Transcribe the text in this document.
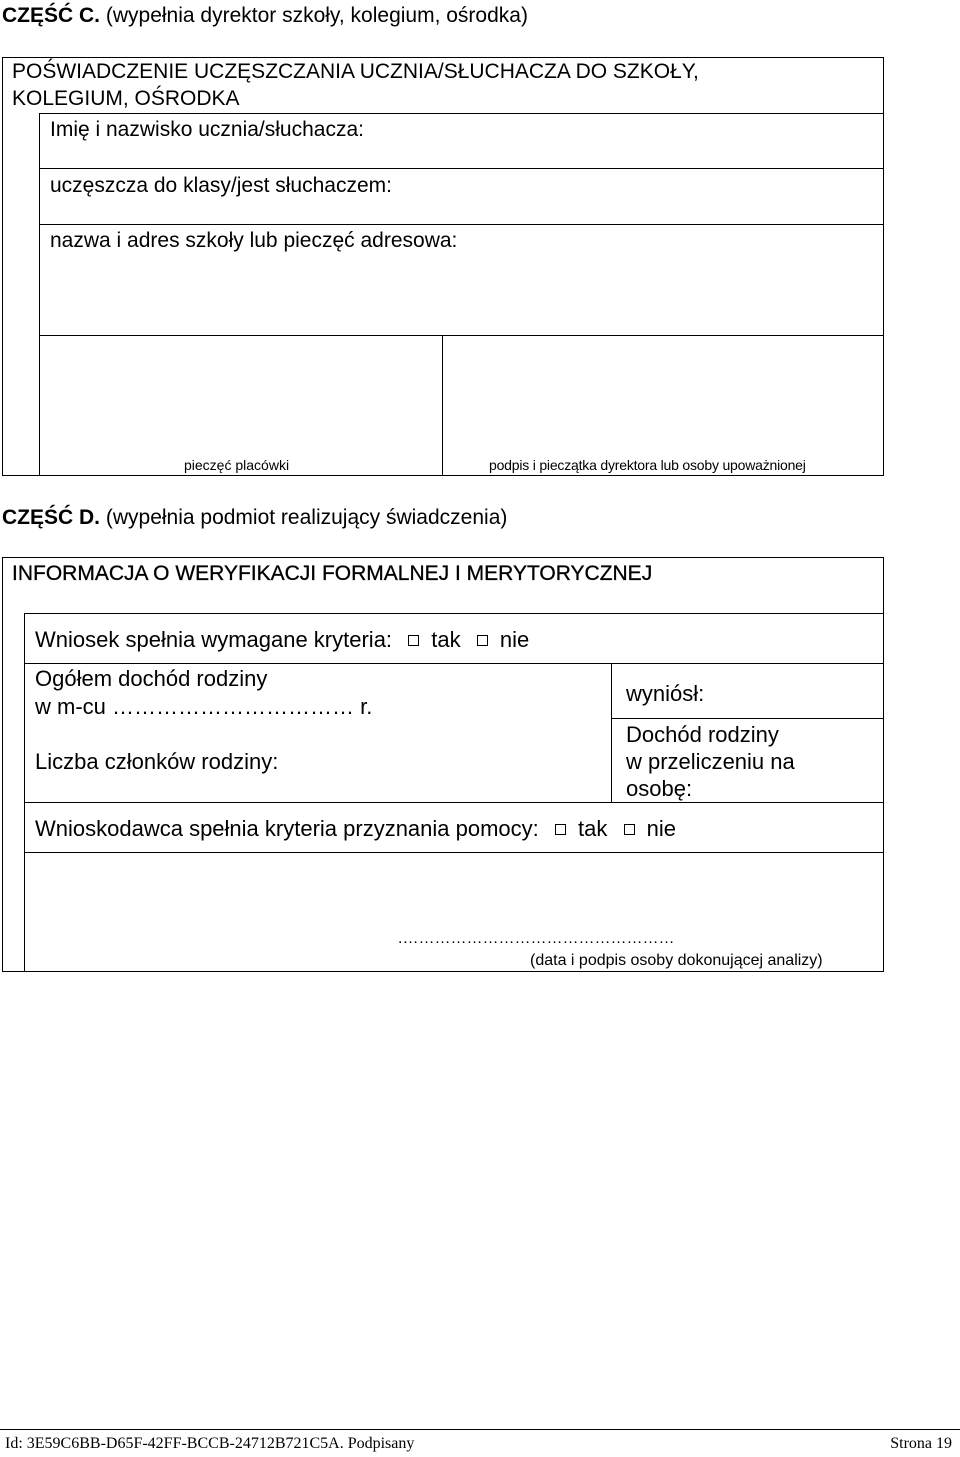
CZĘŚĆ C. (wypełnia dyrektor szkoły, kolegium, ośrodka)
POŚWIADCZENIE UCZĘSZCZANIA UCZNIA/SŁUCHACZA DO SZKOŁY,
KOLEGIUM, OŚRODKA
Imię i nazwisko ucznia/słuchacza:
uczęszcza do klasy/jest słuchaczem:
nazwa i adres szkoły lub pieczęć adresowa:
pieczęć placówki	podpis i pieczątka dyrektora lub osoby upoważnionej
CZĘŚĆ D. (wypełnia podmiot realizujący świadczenia)
INFORMACJA O WERYFIKACJI FORMALNEJ I MERYTORYCZNEJ
Wniosek spełnia wymagane kryteria: tak nie
Ogółem dochód rodziny
w m-cu …………………………… r.
wyniósł:
Liczba członków rodziny:
Dochód rodziny
w przeliczeniu na
osobę:
Wnioskodawca spełnia kryteria przyznania pomocy: tak nie
.……………………………………………
(data i podpis osoby dokonującej analizy)
Id: 3E59C6BB-D65F-42FF-BCCB-24712B721C5A. Podpisany	Strona 19
